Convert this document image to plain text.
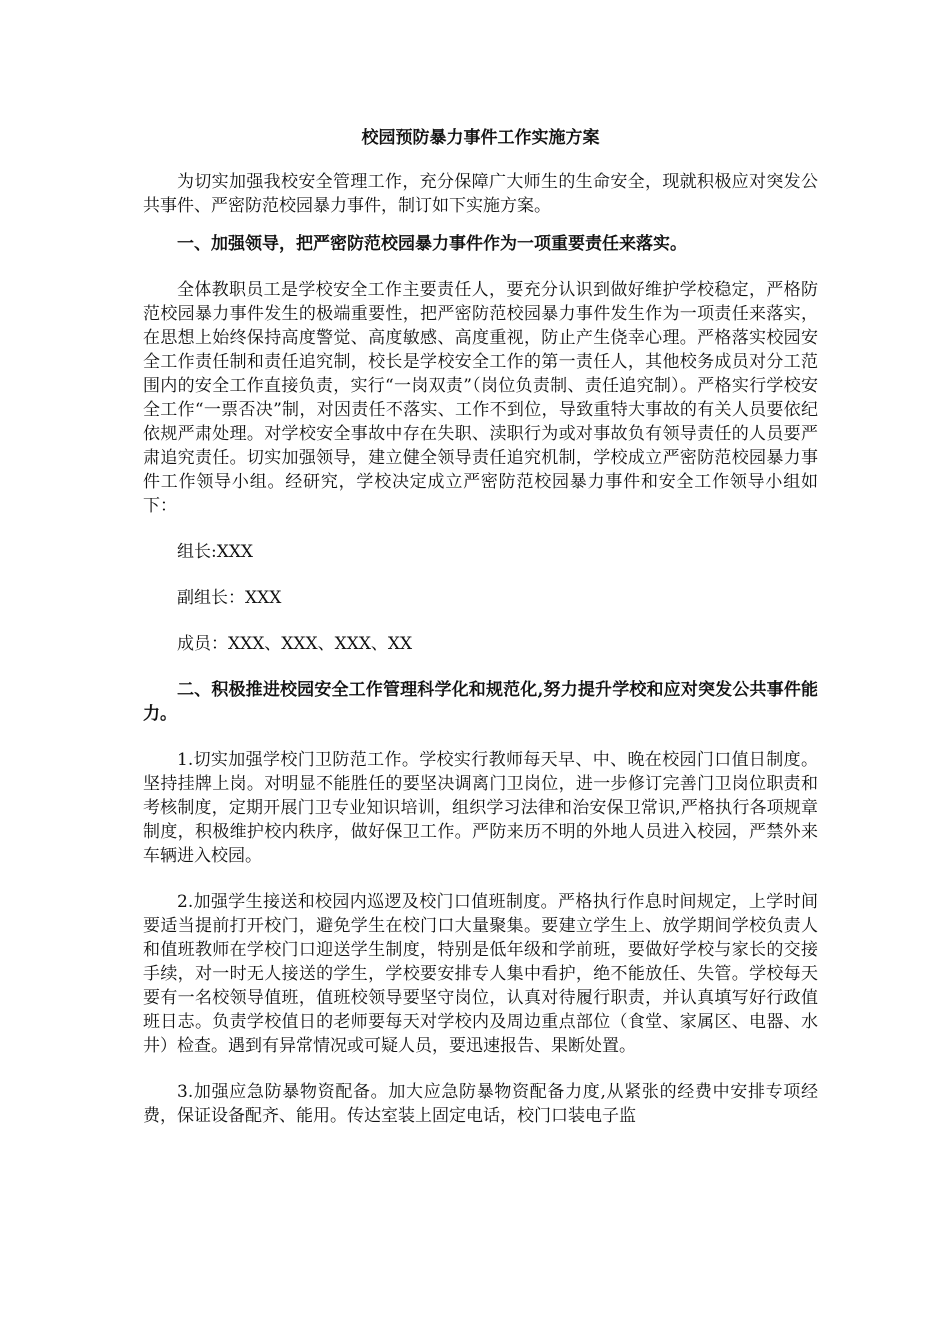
校园预防暴力事件工作实施方案

为切实加强我校安全管理工作，充分保障广大师生的生命安全，现就积极应对突发公共事件、严密防范校园暴力事件，制订如下实施方案。

一、加强领导，把严密防范校园暴力事件作为一项重要责任来落实。

全体教职员工是学校安全工作主要责任人，要充分认识到做好维护学校稳定，严格防范校园暴力事件发生的极端重要性，把严密防范校园暴力事件发生作为一项责任来落实，在思想上始终保持高度警觉、高度敏感、高度重视，防止产生侥幸心理。严格落实校园安全工作责任制和责任追究制，校长是学校安全工作的第一责任人，其他校务成员对分工范围内的安全工作直接负责，实行“一岗双责”（岗位负责制、责任追究制）。严格实行学校安全工作“一票否决”制，对因责任不落实、工作不到位，导致重特大事故的有关人员要依纪依规严肃处理。对学校安全事故中存在失职、渎职行为或对事故负有领导责任的人员要严肃追究责任。切实加强领导，建立健全领导责任追究机制，学校成立严密防范校园暴力事件工作领导小组。经研究，学校决定成立严密防范校园暴力事件和安全工作领导小组如下：

组长:XXX

副组长：XXX

成员：XXX、XXX、XXX、XX

二、积极推进校园安全工作管理科学化和规范化,努力提升学校和应对突发公共事件能力。

1.切实加强学校门卫防范工作。学校实行教师每天早、中、晚在校园门口值日制度。坚持挂牌上岗。对明显不能胜任的要坚决调离门卫岗位，进一步修订完善门卫岗位职责和考核制度，定期开展门卫专业知识培训，组织学习法律和治安保卫常识,严格执行各项规章制度，积极维护校内秩序，做好保卫工作。严防来历不明的外地人员进入校园，严禁外来车辆进入校园。

2.加强学生接送和校园内巡逻及校门口值班制度。严格执行作息时间规定，上学时间要适当提前打开校门，避免学生在校门口大量聚集。要建立学生上、放学期间学校负责人和值班教师在学校门口迎送学生制度，特别是低年级和学前班，要做好学校与家长的交接手续，对一时无人接送的学生，学校要安排专人集中看护，绝不能放任、失管。学校每天要有一名校领导值班，值班校领导要坚守岗位，认真对待履行职责，并认真填写好行政值班日志。负责学校值日的老师要每天对学校内及周边重点部位（食堂、家属区、电器、水井）检查。遇到有异常情况或可疑人员，要迅速报告、果断处置。

3.加强应急防暴物资配备。加大应急防暴物资配备力度,从紧张的经费中安排专项经费，保证设备配齐、能用。传达室装上固定电话，校门口装电子监
